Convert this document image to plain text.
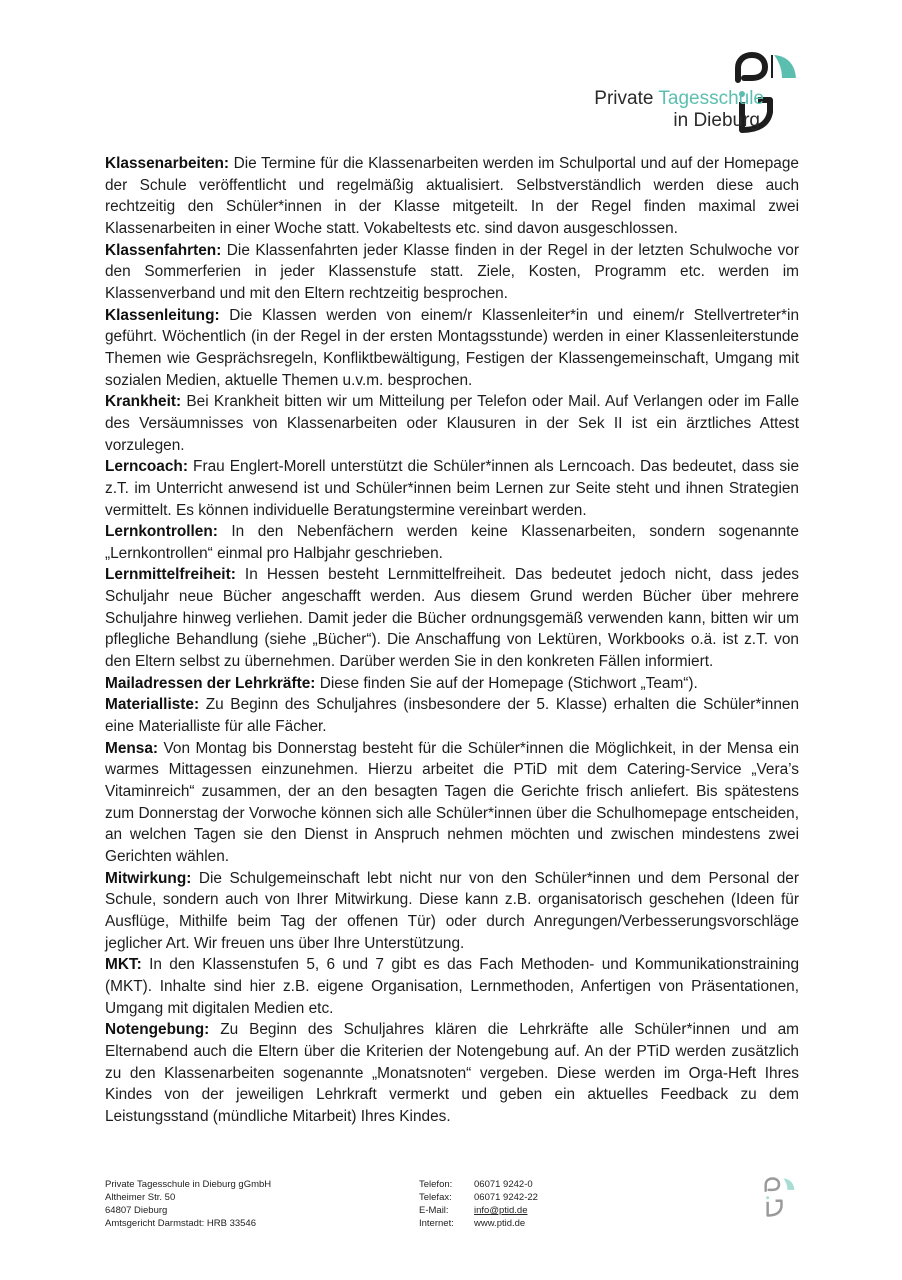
Private Tagesschule
in Dieburg

Klassenarbeiten: Die Termine für die Klassenarbeiten werden im Schulportal und auf der Homepage der Schule veröffentlicht und regelmäßig aktualisiert. Selbstverständlich werden diese auch rechtzeitig den Schüler*innen in der Klasse mitgeteilt. In der Regel finden maximal zwei Klassenarbeiten in einer Woche statt. Vokabeltests etc. sind davon ausgeschlossen.

Klassenfahrten: Die Klassenfahrten jeder Klasse finden in der Regel in der letzten Schulwoche vor den Sommerferien in jeder Klassenstufe statt. Ziele, Kosten, Programm etc. werden im Klassenverband und mit den Eltern rechtzeitig besprochen.

Klassenleitung: Die Klassen werden von einem/r Klassenleiter*in und einem/r Stellvertreter*in geführt. Wöchentlich (in der Regel in der ersten Montagsstunde) werden in einer Klassenleiterstunde Themen wie Gesprächsregeln, Konfliktbewältigung, Festigen der Klassengemeinschaft, Umgang mit sozialen Medien, aktuelle Themen u.v.m. besprochen.

Krankheit: Bei Krankheit bitten wir um Mitteilung per Telefon oder Mail. Auf Verlangen oder im Falle des Versäumnisses von Klassenarbeiten oder Klausuren in der Sek II ist ein ärztliches Attest vorzulegen.

Lerncoach: Frau Englert-Morell unterstützt die Schüler*innen als Lerncoach. Das bedeutet, dass sie z.T. im Unterricht anwesend ist und Schüler*innen beim Lernen zur Seite steht und ihnen Strategien vermittelt. Es können individuelle Beratungstermine vereinbart werden.

Lernkontrollen: In den Nebenfächern werden keine Klassenarbeiten, sondern sogenannte „Lernkontrollen“ einmal pro Halbjahr geschrieben.

Lernmittelfreiheit: In Hessen besteht Lernmittelfreiheit. Das bedeutet jedoch nicht, dass jedes Schuljahr neue Bücher angeschafft werden. Aus diesem Grund werden Bücher über mehrere Schuljahre hinweg verliehen. Damit jeder die Bücher ordnungsgemäß verwenden kann, bitten wir um pflegliche Behandlung (siehe „Bücher“). Die Anschaffung von Lektüren, Workbooks o.ä. ist z.T. von den Eltern selbst zu übernehmen. Darüber werden Sie in den konkreten Fällen informiert.

Mailadressen der Lehrkräfte: Diese finden Sie auf der Homepage (Stichwort „Team“).

Materialliste: Zu Beginn des Schuljahres (insbesondere der 5. Klasse) erhalten die Schüler*innen eine Materialliste für alle Fächer.

Mensa: Von Montag bis Donnerstag besteht für die Schüler*innen die Möglichkeit, in der Mensa ein warmes Mittagessen einzunehmen. Hierzu arbeitet die PTiD mit dem Catering-Service „Vera’s Vitaminreich“ zusammen, der an den besagten Tagen die Gerichte frisch anliefert. Bis spätestens zum Donnerstag der Vorwoche können sich alle Schüler*innen über die Schulhomepage entscheiden, an welchen Tagen sie den Dienst in Anspruch nehmen möchten und zwischen mindestens zwei Gerichten wählen.

Mitwirkung: Die Schulgemeinschaft lebt nicht nur von den Schüler*innen und dem Personal der Schule, sondern auch von Ihrer Mitwirkung. Diese kann z.B. organisatorisch geschehen (Ideen für Ausflüge, Mithilfe beim Tag der offenen Tür) oder durch Anregungen/Verbesserungsvorschläge jeglicher Art. Wir freuen uns über Ihre Unterstützung.

MKT: In den Klassenstufen 5, 6 und 7 gibt es das Fach Methoden- und Kommunikationstraining (MKT). Inhalte sind hier z.B. eigene Organisation, Lernmethoden, Anfertigen von Präsentationen, Umgang mit digitalen Medien etc.

Notengebung: Zu Beginn des Schuljahres klären die Lehrkräfte alle Schüler*innen und am Elternabend auch die Eltern über die Kriterien der Notengebung auf. An der PTiD werden zusätzlich zu den Klassenarbeiten sogenannte „Monatsnoten“ vergeben. Diese werden im Orga-Heft Ihres Kindes von der jeweiligen Lehrkraft vermerkt und geben ein aktuelles Feedback zu dem Leistungsstand (mündliche Mitarbeit) Ihres Kindes.

Private Tagesschule in Dieburg gGmbH
Altheimer Str. 50
64807 Dieburg
Amtsgericht Darmstadt: HRB 33546
Telefon:	06071 9242-0
Telefax:	06071 9242-22
E-Mail:	info@ptid.de
Internet:	www.ptid.de
